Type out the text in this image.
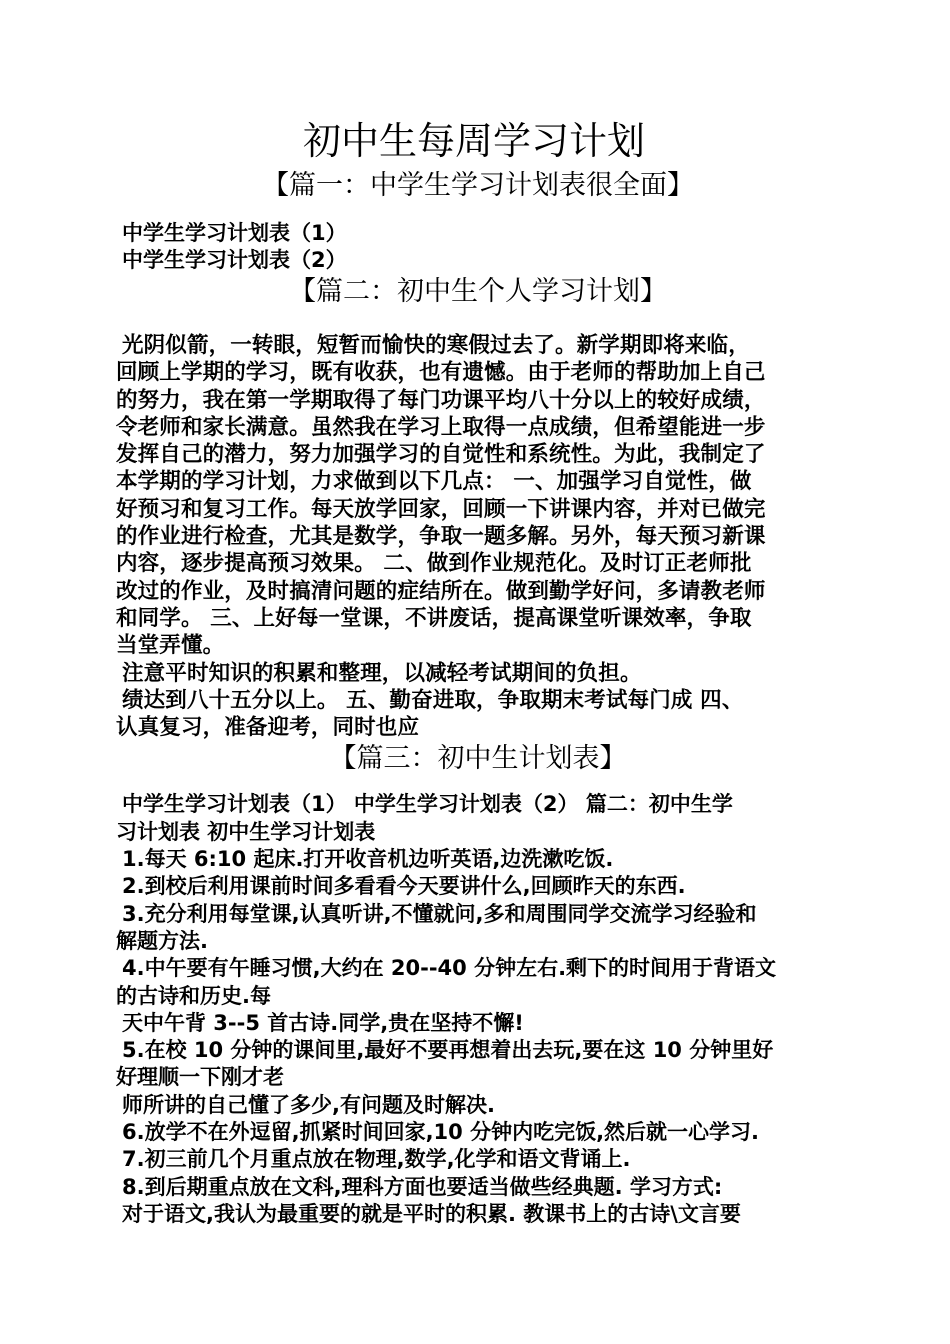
初中生每周学习计划
【篇一：中学生学习计划表很全面】

中学生学习计划表（1）

中学生学习计划表（2）

【篇二：初中生个人学习计划】

光阴似箭，一转眼，短暂而愉快的寒假过去了。新学期即将来临，

回顾上学期的学习，既有收获，也有遗憾。由于老师的帮助加上自己

的努力，我在第一学期取得了每门功课平均八十分以上的较好成绩，

令老师和家长满意。虽然我在学习上取得一点成绩，但希望能进一步

发挥自己的潜力，努力加强学习的自觉性和系统性。为此，我制定了

本学期的学习计划，力求做到以下几点： 一、加强学习自觉性，做

好预习和复习工作。每天放学回家，回顾一下讲课内容，并对已做完

的作业进行检查，尤其是数学，争取一题多解。另外，每天预习新课

内容，逐步提高预习效果。 二、做到作业规范化。及时订正老师批

改过的作业，及时搞清问题的症结所在。做到勤学好问，多请教老师

和同学。 三、上好每一堂课，不讲废话，提高课堂听课效率，争取

当堂弄懂。

注意平时知识的积累和整理，以减轻考试期间的负担。

绩达到八十五分以上。 五、勤奋进取，争取期末考试每门成 四、

认真复习，准备迎考，同时也应

【篇三：初中生计划表】

中学生学习计划表（1） 中学生学习计划表（2） 篇二：初中生学

习计划表 初中生学习计划表

1.每天 6:10 起床.打开收音机边听英语,边洗漱吃饭.

2.到校后利用课前时间多看看今天要讲什么,回顾昨天的东西.

3.充分利用每堂课,认真听讲,不懂就问,多和周围同学交流学习经验和

解题方法.

4.中午要有午睡习惯,大约在 20--40 分钟左右.剩下的时间用于背语文

的古诗和历史.每

天中午背 3--5 首古诗.同学,贵在坚持不懈!

5.在校 10 分钟的课间里,最好不要再想着出去玩,要在这 10 分钟里好

好理顺一下刚才老

师所讲的自己懂了多少,有问题及时解决.

6.放学不在外逗留,抓紧时间回家,10 分钟内吃完饭,然后就一心学习.

7.初三前几个月重点放在物理,数学,化学和语文背诵上.

8.到后期重点放在文科,理科方面也要适当做些经典题. 学习方式:

对于语文,我认为最重要的就是平时的积累. 教课书上的古诗\文言要
